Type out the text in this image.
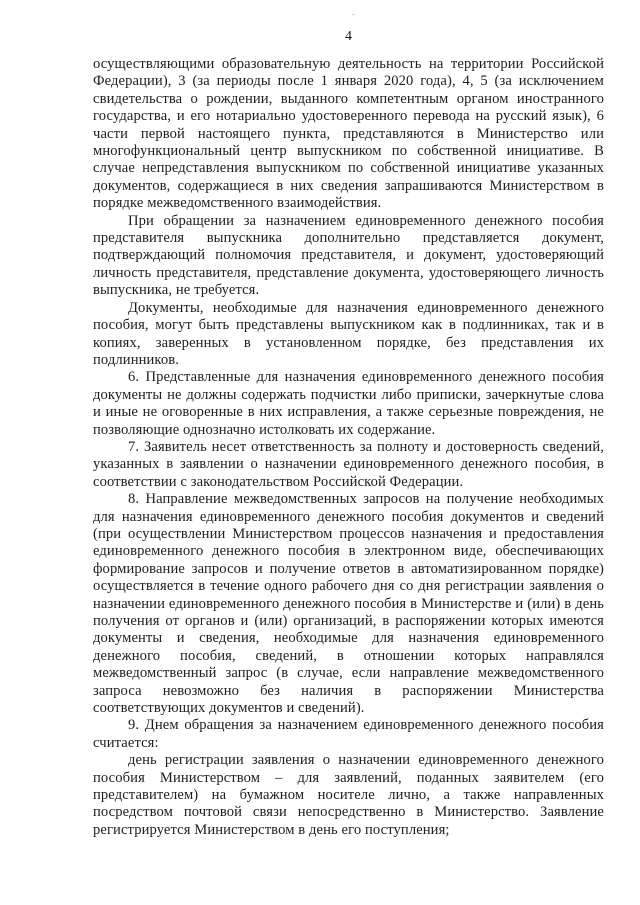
.
4

осуществляющими образовательную деятельность на территории Российской Федерации), 3 (за периоды после 1 января 2020 года), 4, 5 (за исключением свидетельства о рождении, выданного компетентным органом иностранного государства, и его нотариально удостоверенного перевода на русский язык), 6 части первой настоящего пункта, представляются в Министерство или многофункциональный центр выпускником по собственной инициативе. В случае непредставления выпускником по собственной инициативе указанных документов, содержащиеся в них сведения запрашиваются Министерством в порядке межведомственного взаимодействия.

При обращении за назначением единовременного денежного пособия представителя выпускника дополнительно представляется документ, подтверждающий полномочия представителя, и документ, удостоверяющий личность представителя, представление документа, удостоверяющего личность выпускника, не требуется.

Документы, необходимые для назначения единовременного денежного пособия, могут быть представлены выпускником как в подлинниках, так и в копиях, заверенных в установленном порядке, без представления их подлинников.

6. Представленные для назначения единовременного денежного пособия документы не должны содержать подчистки либо приписки, зачеркнутые слова и иные не оговоренные в них исправления, а также серьезные повреждения, не позволяющие однозначно истолковать их содержание.

7. Заявитель несет ответственность за полноту и достоверность сведений, указанных в заявлении о назначении единовременного денежного пособия, в соответствии с законодательством Российской Федерации.

8. Направление межведомственных запросов на получение необходимых для назначения единовременного денежного пособия документов и сведений (при осуществлении Министерством процессов назначения и предоставления единовременного денежного пособия в электронном виде, обеспечивающих формирование запросов и получение ответов в автоматизированном порядке) осуществляется в течение одного рабочего дня со дня регистрации заявления о назначении единовременного денежного пособия в Министерстве и (или) в день получения от органов и (или) организаций, в распоряжении которых имеются документы и сведения, необходимые для назначения единовременного денежного пособия, сведений, в отношении которых направлялся межведомственный запрос (в случае, если направление межведомственного запроса невозможно без наличия в распоряжении Министерства соответствующих документов и сведений).

9. Днем обращения за назначением единовременного денежного пособия считается:

день регистрации заявления о назначении единовременного денежного пособия Министерством – для заявлений, поданных заявителем (его представителем) на бумажном носителе лично, а также направленных посредством почтовой связи непосредственно в Министерство. Заявление регистрируется Министерством в день его поступления;
